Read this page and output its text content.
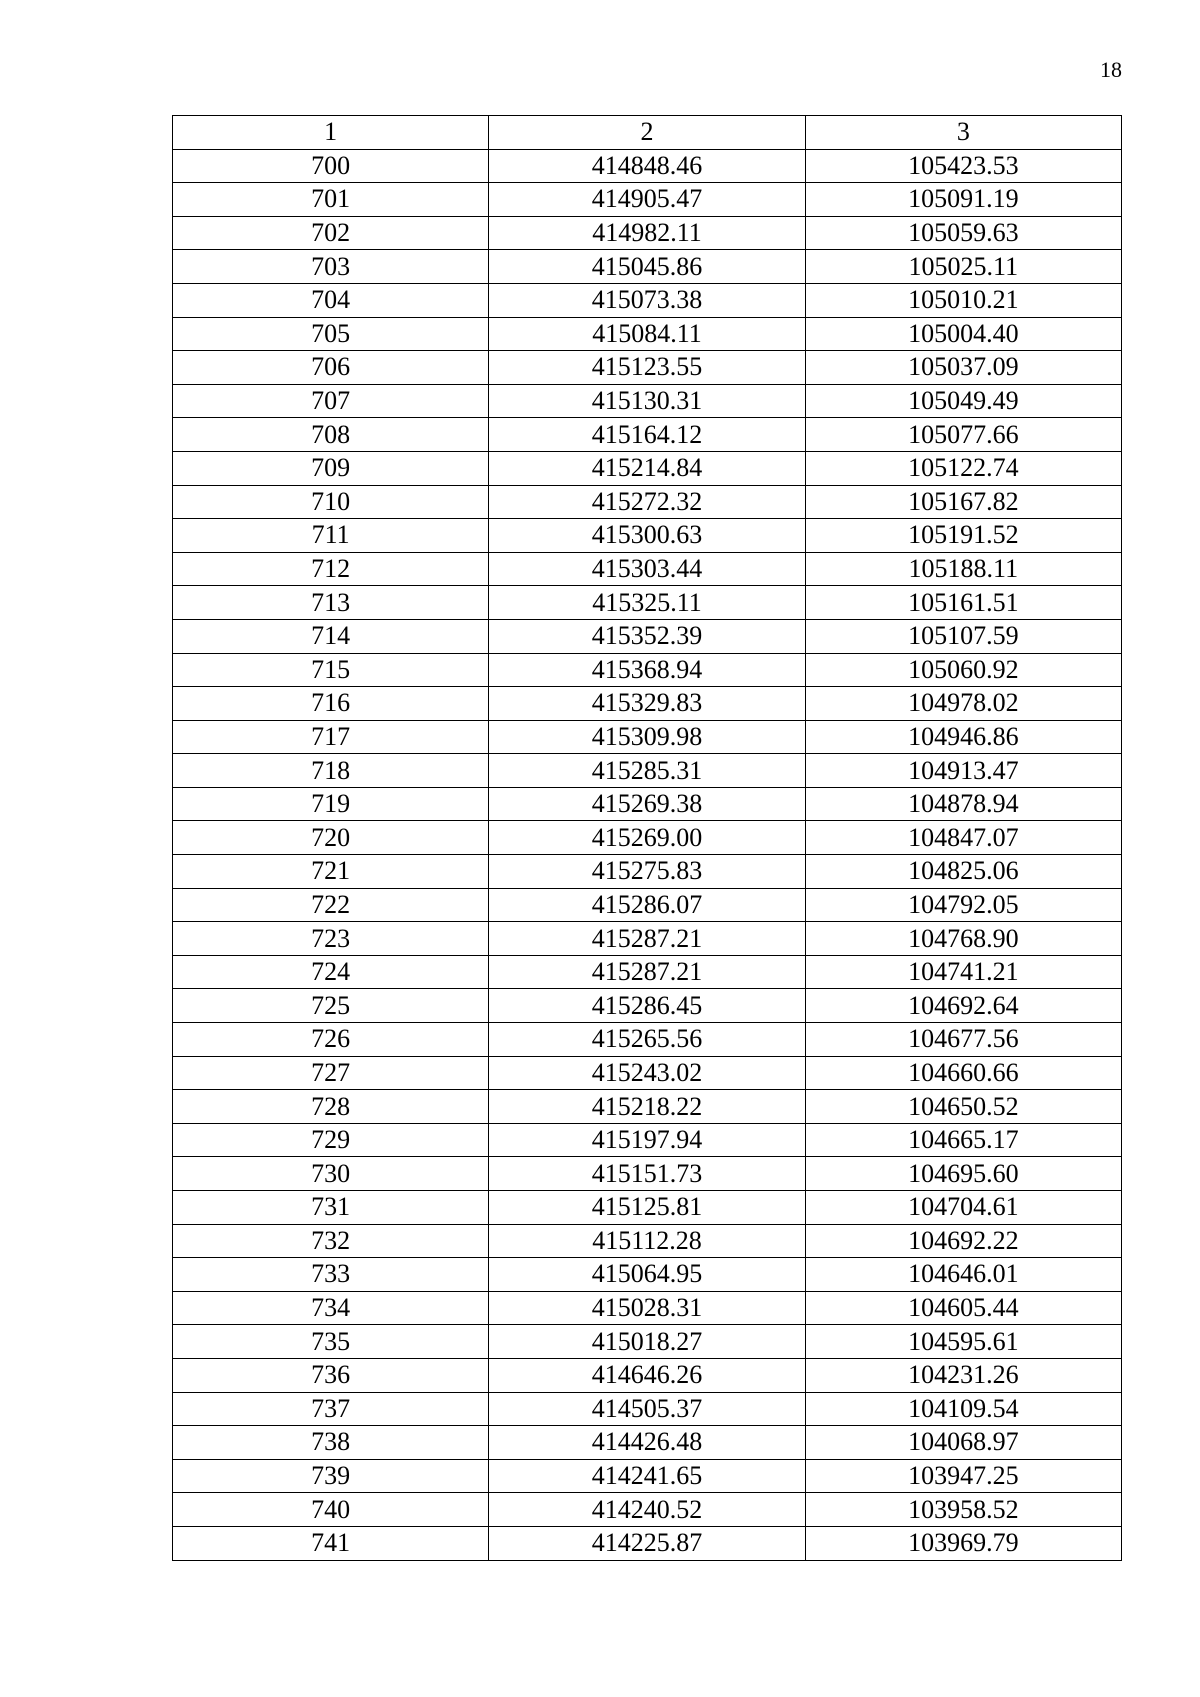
18
1	2	3
700	414848.46	105423.53
701	414905.47	105091.19
702	414982.11	105059.63
703	415045.86	105025.11
704	415073.38	105010.21
705	415084.11	105004.40
706	415123.55	105037.09
707	415130.31	105049.49
708	415164.12	105077.66
709	415214.84	105122.74
710	415272.32	105167.82
711	415300.63	105191.52
712	415303.44	105188.11
713	415325.11	105161.51
714	415352.39	105107.59
715	415368.94	105060.92
716	415329.83	104978.02
717	415309.98	104946.86
718	415285.31	104913.47
719	415269.38	104878.94
720	415269.00	104847.07
721	415275.83	104825.06
722	415286.07	104792.05
723	415287.21	104768.90
724	415287.21	104741.21
725	415286.45	104692.64
726	415265.56	104677.56
727	415243.02	104660.66
728	415218.22	104650.52
729	415197.94	104665.17
730	415151.73	104695.60
731	415125.81	104704.61
732	415112.28	104692.22
733	415064.95	104646.01
734	415028.31	104605.44
735	415018.27	104595.61
736	414646.26	104231.26
737	414505.37	104109.54
738	414426.48	104068.97
739	414241.65	103947.25
740	414240.52	103958.52
741	414225.87	103969.79
